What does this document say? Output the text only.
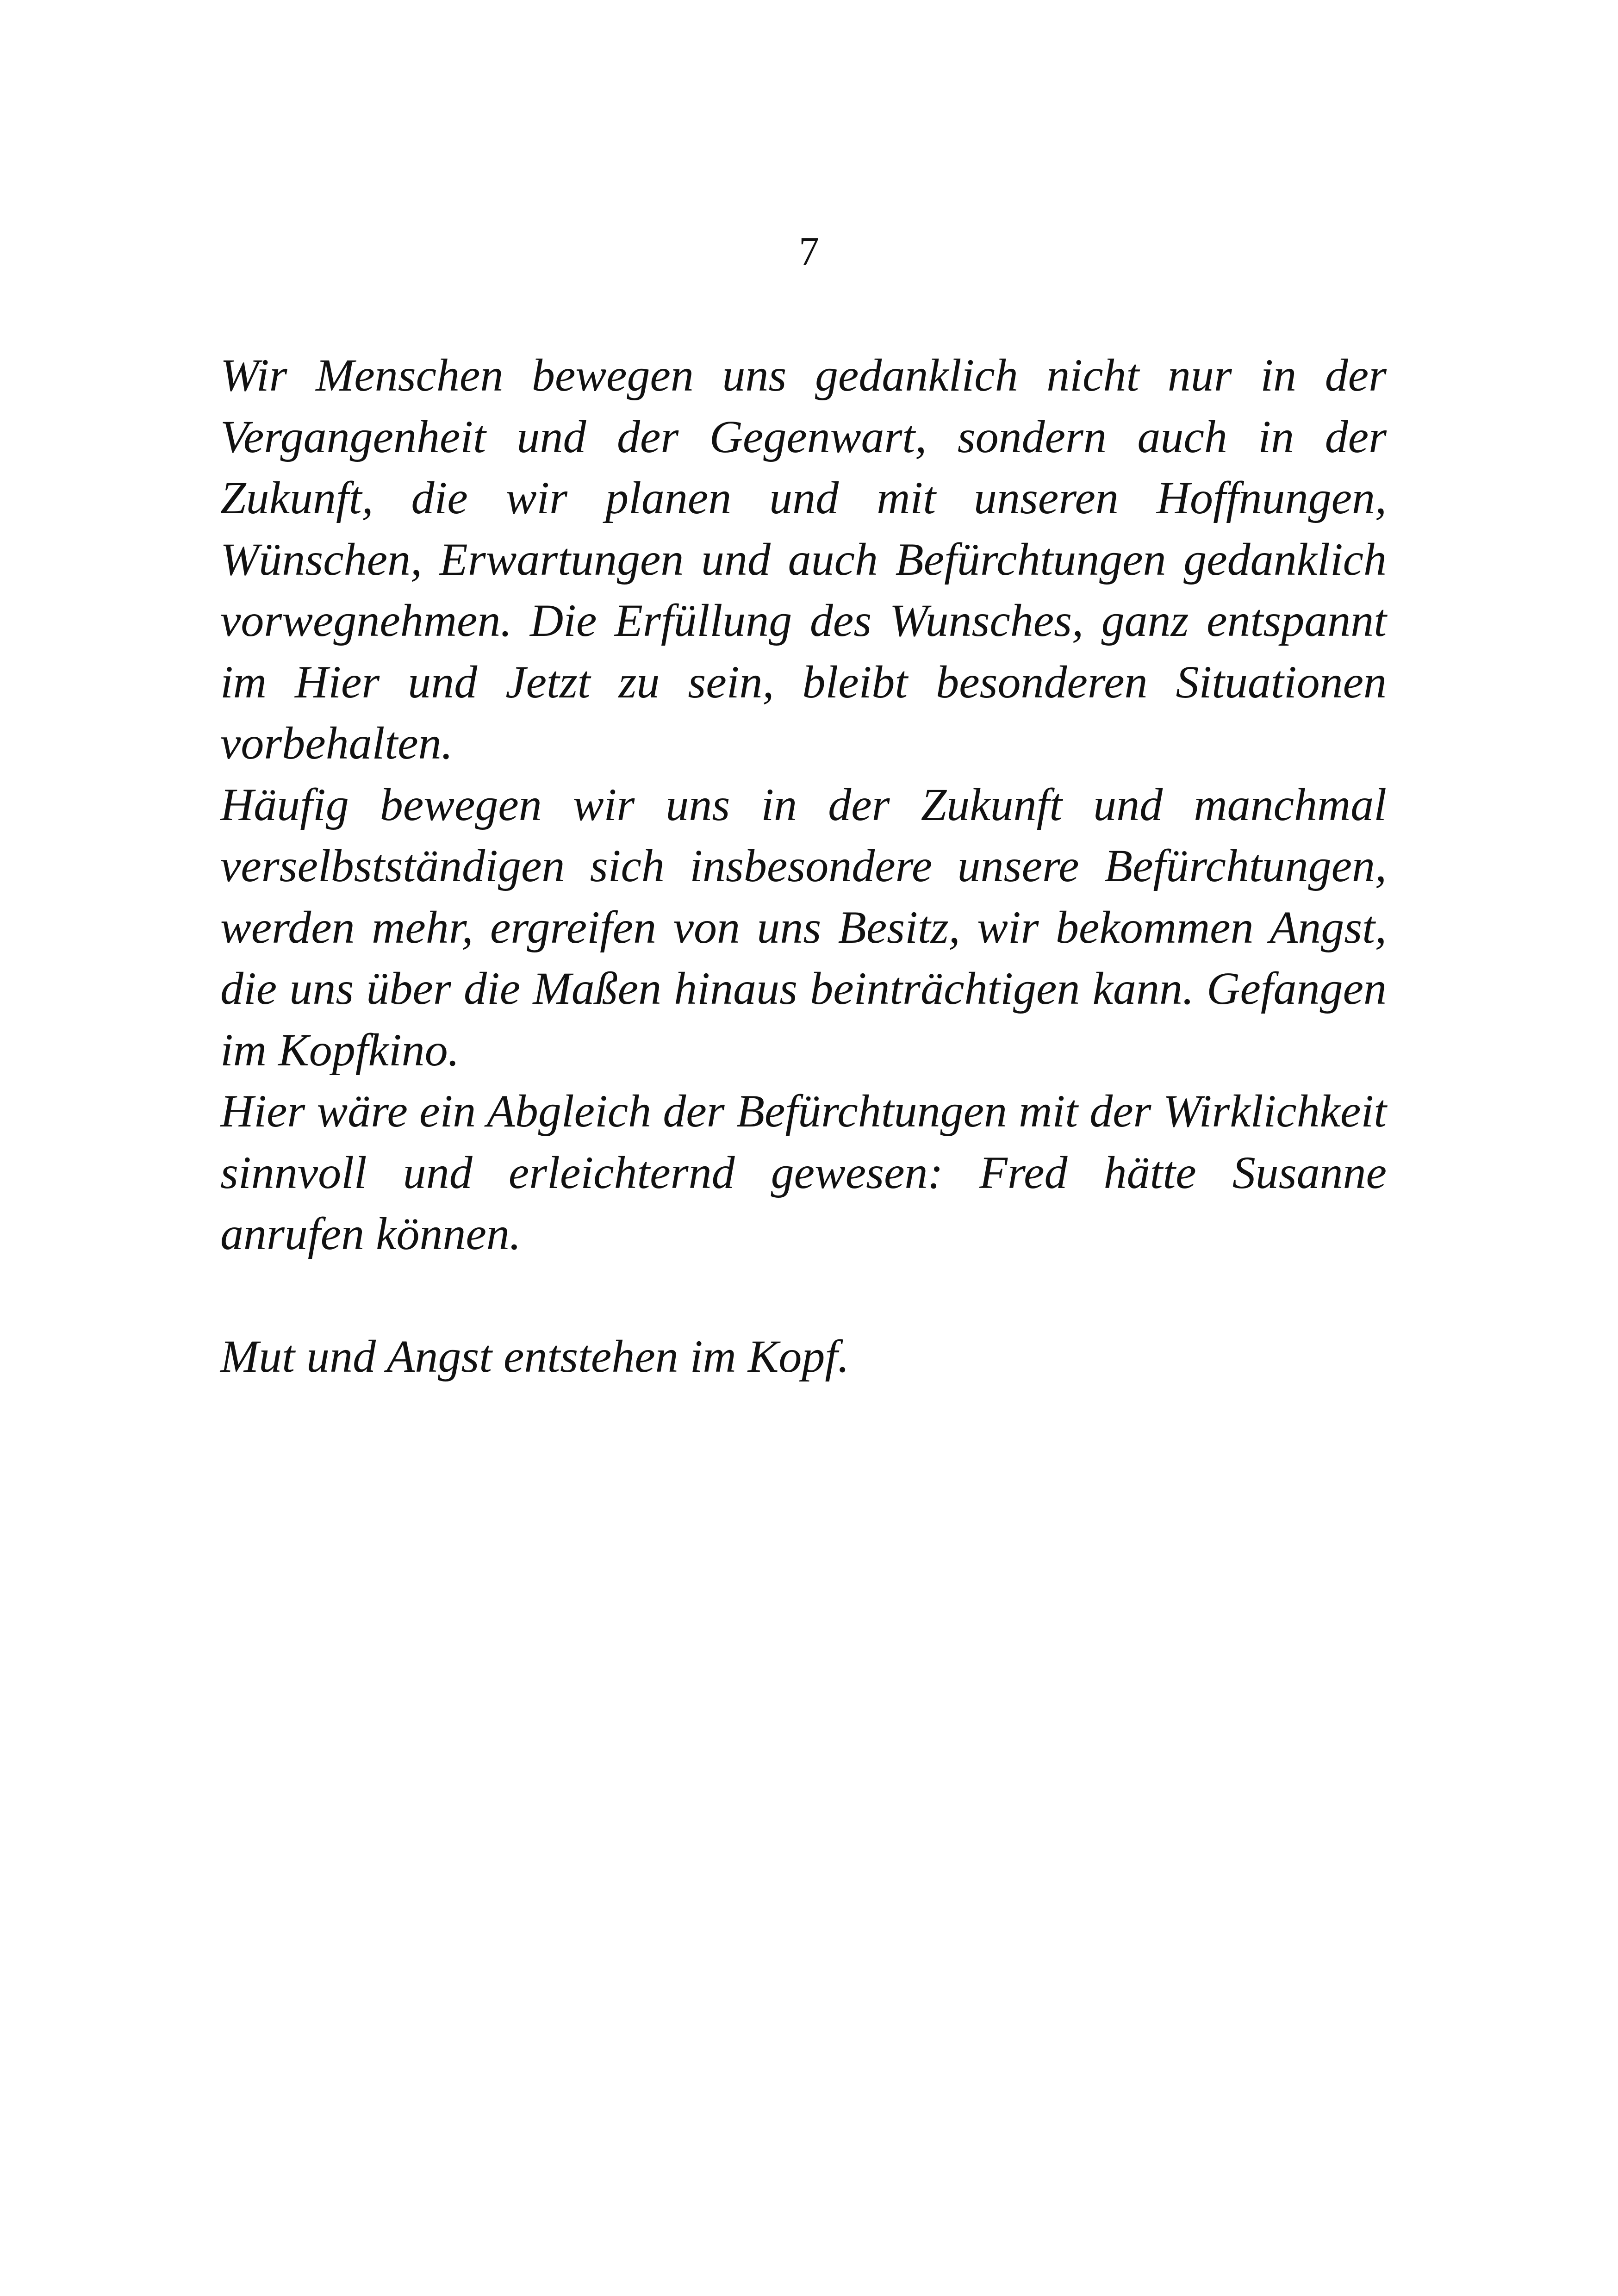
7

Wir Menschen bewegen uns gedanklich nicht nur in der Vergangenheit und der Gegenwart, sondern auch in der Zukunft, die wir planen und mit unseren Hoffnungen, Wünschen, Erwartungen und auch Befürchtungen gedanklich vorwegnehmen. Die Erfüllung des Wunsches, ganz entspannt im Hier und Jetzt zu sein, bleibt besonderen Situationen vorbehalten.

Häufig bewegen wir uns in der Zukunft und manchmal verselbstständigen sich insbesondere unsere Befürchtungen, werden mehr, ergreifen von uns Besitz, wir bekommen Angst, die uns über die Maßen hinaus beinträchtigen kann. Gefangen im Kopfkino.

Hier wäre ein Abgleich der Befürchtungen mit der Wirklichkeit sinnvoll und erleichternd gewesen: Fred hätte Susanne anrufen können.

Mut und Angst entstehen im Kopf.
